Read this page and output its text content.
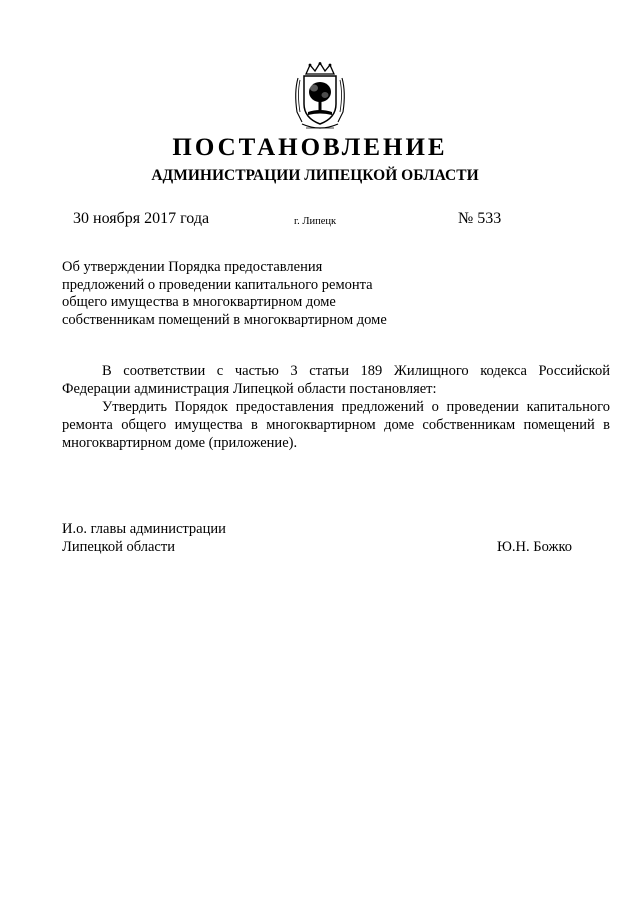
ПОСТАНОВЛЕНИЕ
АДМИНИСТРАЦИИ ЛИПЕЦКОЙ ОБЛАСТИ
30 ноября 2017 года	г. Липецк	№ 533
Об утверждении Порядка предоставления
предложений о проведении капитального ремонта
общего имущества в многоквартирном доме
собственникам помещений в многоквартирном доме

В соответствии с частью 3 статьи 189 Жилищного кодекса Российской Федерации администрация Липецкой области постановляет:

Утвердить Порядок предоставления предложений о проведении капитального ремонта общего имущества в многоквартирном доме собственникам помещений в многоквартирном доме (приложение).

И.о. главы администрации
Липецкой области	Ю.Н. Божко
